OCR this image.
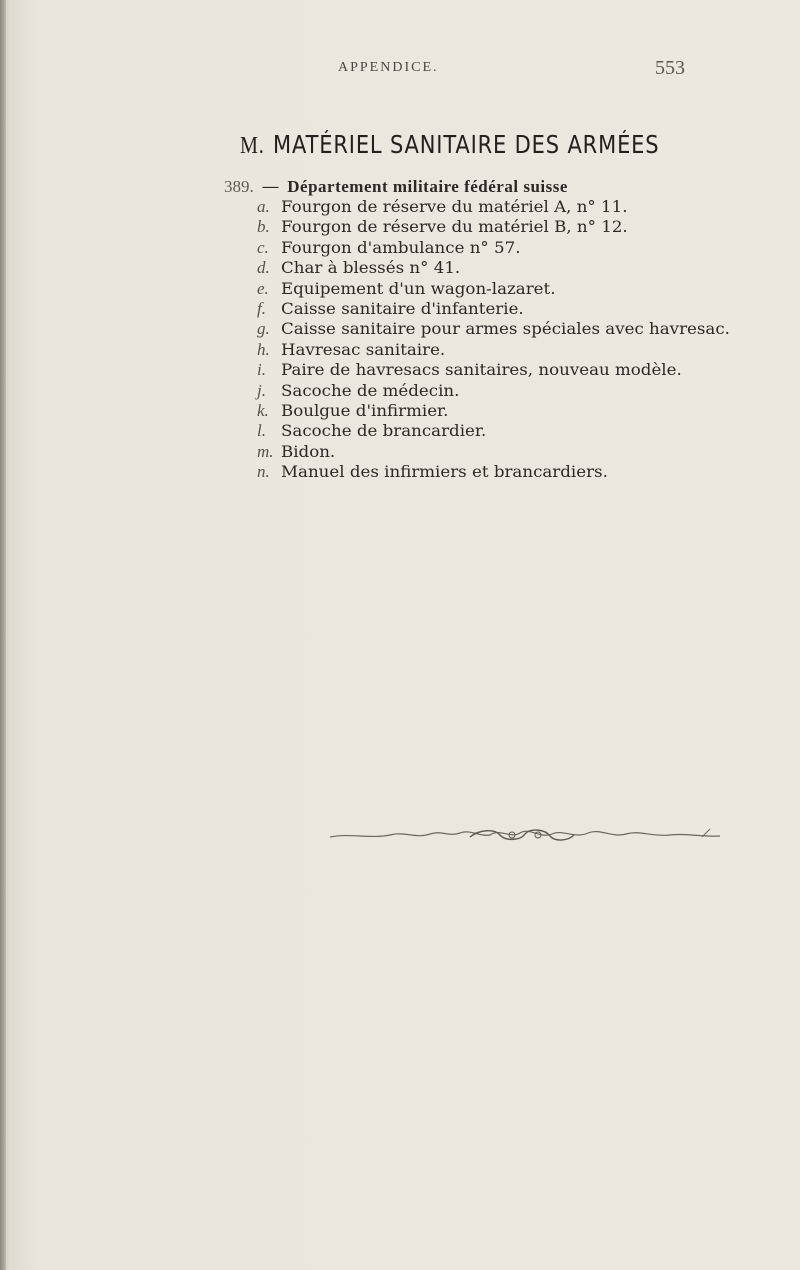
APPENDICE.	553
M. MATÉRIEL SANITAIRE DES ARMÉES
389. — Département militaire fédéral suisse
a. Fourgon de réserve du matériel A, n° 11.
b. Fourgon de réserve du matériel B, n° 12.
c. Fourgon d'ambulance n° 57.
d. Char à blessés n° 41.
e. Equipement d'un wagon-lazaret.
f. Caisse sanitaire d'infanterie.
g. Caisse sanitaire pour armes spéciales avec havresac.
h. Havresac sanitaire.
i. Paire de havresacs sanitaires, nouveau modèle.
j. Sacoche de médecin.
k. Boulgue d'infirmier.
l. Sacoche de brancardier.
m. Bidon.
n. Manuel des infirmiers et brancardiers.
